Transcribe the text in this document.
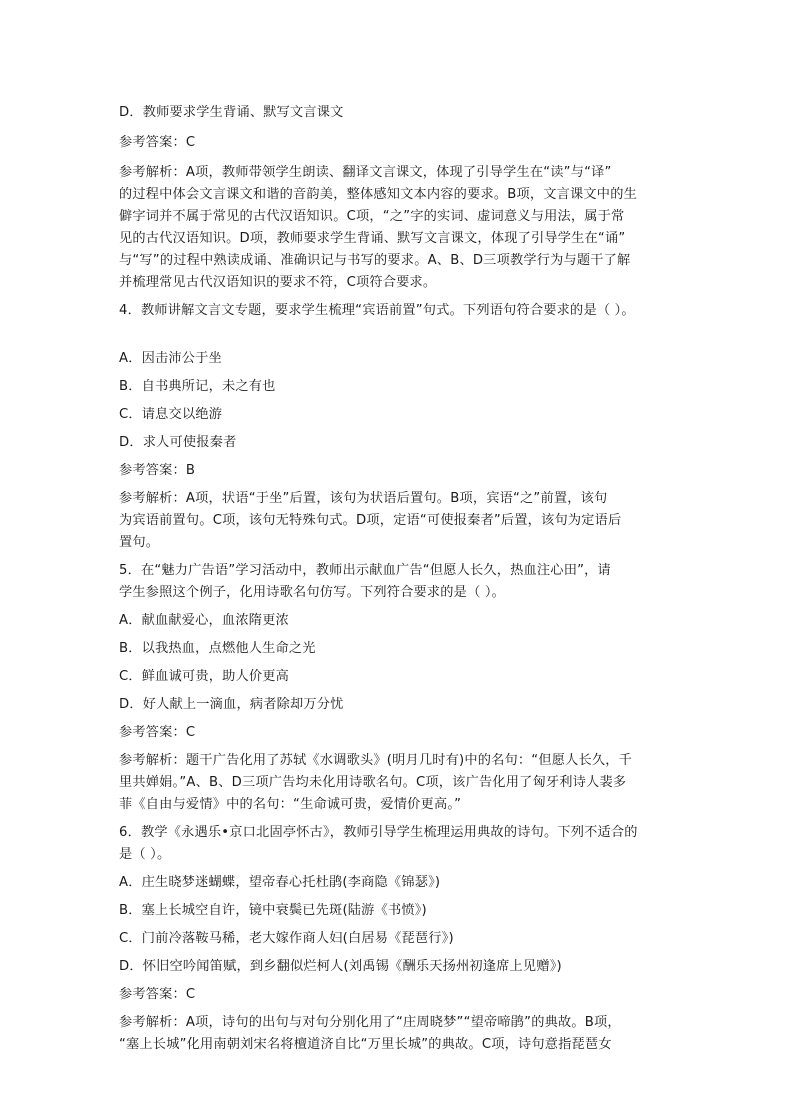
D．教师要求学生背诵、默写文言课文

参考答案：C

参考解析：A项，教师带领学生朗读、翻译文言课文，体现了引导学生在“读”与“译”

的过程中体会文言课文和谐的音韵美，整体感知文本内容的要求。B项，文言课文中的生

僻字词并不属于常见的古代汉语知识。C项，“之”字的实词、虚词意义与用法，属于常

见的古代汉语知识。D项，教师要求学生背诵、默写文言课文，体现了引导学生在“诵”

与“写”的过程中熟读成诵、准确识记与书写的要求。A、B、D三项教学行为与题干了解

并梳理常见古代汉语知识的要求不符，C项符合要求。

4．教师讲解文言文专题，要求学生梳理“宾语前置”句式。下列语句符合要求的是（ ）。

A．因击沛公于坐

B．自书典所记，未之有也

C．请息交以绝游

D．求人可使报秦者

参考答案：B

参考解析：A项，状语“于坐”后置，该句为状语后置句。B项，宾语“之”前置，该句

为宾语前置句。C项，该句无特殊句式。D项，定语“可使报秦者”后置，该句为定语后

置句。

5．在“魅力广告语”学习活动中，教师出示献血广告“但愿人长久，热血注心田”，请

学生参照这个例子，化用诗歌名句仿写。下列符合要求的是（ ）。

A．献血献爱心，血浓隋更浓

B．以我热血，点燃他人生命之光

C．鲜血诚可贵，助人价更高

D．好人献上一滴血，病者除却万分忧

参考答案：C

参考解析：题干广告化用了苏轼《水调歌头》(明月几时有)中的名句：“但愿人长久，千

里共婵娟。”A、B、D三项广告均未化用诗歌名句。C项，该广告化用了匈牙利诗人裴多

菲《自由与爱情》中的名句：“生命诚可贵，爱情价更高。”

6．教学《永遇乐•京口北固亭怀古》，教师引导学生梳理运用典故的诗句。下列不适合的

是（ ）。

A．庄生晓梦迷蝴蝶，望帝春心托杜鹃(李商隐《锦瑟》)

B．塞上长城空自许，镜中衰鬓已先斑(陆游《书愤》)

C．门前冷落鞍马稀，老大嫁作商人妇(白居易《琵琶行》)

D．怀旧空吟闻笛赋，到乡翻似烂柯人(刘禹锡《酬乐天扬州初逢席上见赠》)

参考答案：C

参考解析：A项，诗句的出句与对句分别化用了“庄周晓梦”“望帝啼鹃”的典故。B项，

“塞上长城”化用南朝刘宋名将檀道济自比“万里长城”的典故。C项，诗句意指琵琶女
